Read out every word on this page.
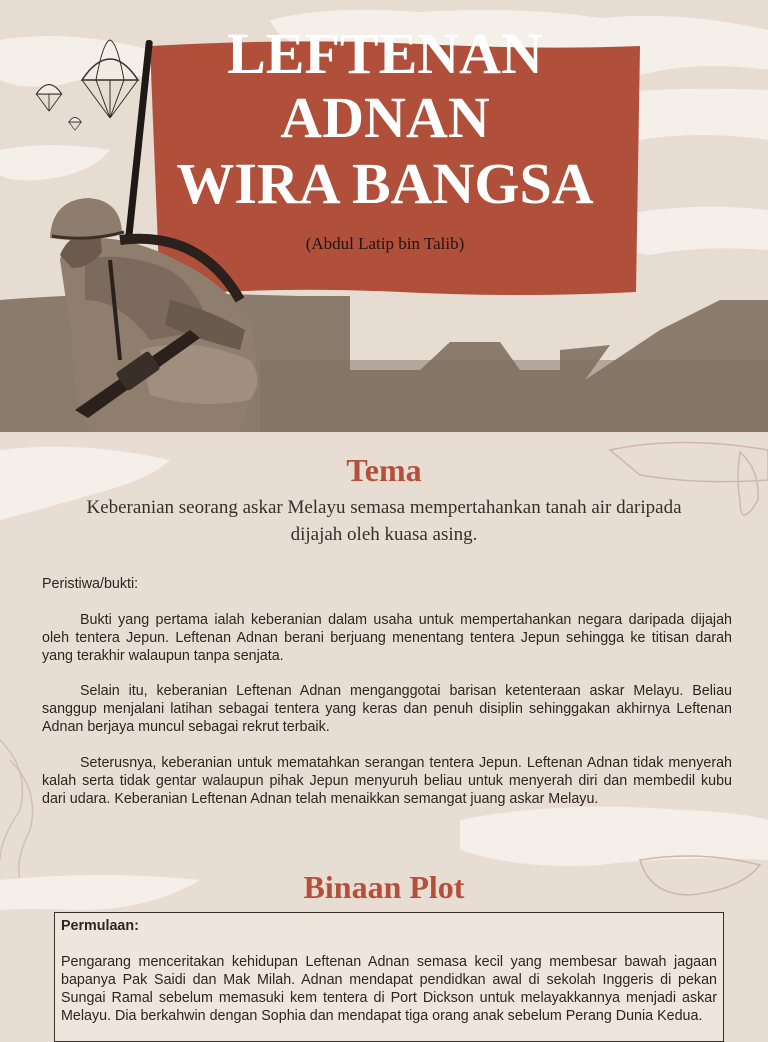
LEFTENAN
ADNAN
WIRA BANGSA
(Abdul Latip bin Talib)
Tema
Keberanian seorang askar Melayu semasa mempertahankan tanah air daripada dijajah oleh kuasa asing.

Peristiwa/bukti:

Bukti yang pertama ialah keberanian dalam usaha untuk mempertahankan negara daripada dijajah oleh tentera Jepun. Leftenan Adnan berani berjuang menentang tentera Jepun sehingga ke titisan darah yang terakhir walaupun tanpa senjata.

Selain itu, keberanian Leftenan Adnan menganggotai barisan ketenteraan askar Melayu. Beliau sanggup menjalani latihan sebagai tentera yang keras dan penuh disiplin sehinggakan akhirnya Leftenan Adnan berjaya muncul sebagai rekrut terbaik.

Seterusnya, keberanian untuk mematahkan serangan tentera Jepun. Leftenan Adnan tidak menyerah kalah serta tidak gentar walaupun pihak Jepun menyuruh beliau untuk menyerah diri dan membedil kubu dari udara. Keberanian Leftenan Adnan telah menaikkan semangat juang askar Melayu.

Binaan Plot
Permulaan:
Pengarang menceritakan kehidupan Leftenan Adnan semasa kecil yang membesar bawah jagaan bapanya Pak Saidi dan Mak Milah. Adnan mendapat pendidkan awal di sekolah Inggeris di pekan Sungai Ramal sebelum memasuki kem tentera di Port Dickson untuk melayakkannya menjadi askar Melayu. Dia berkahwin dengan Sophia dan mendapat tiga orang anak sebelum Perang Dunia Kedua.
